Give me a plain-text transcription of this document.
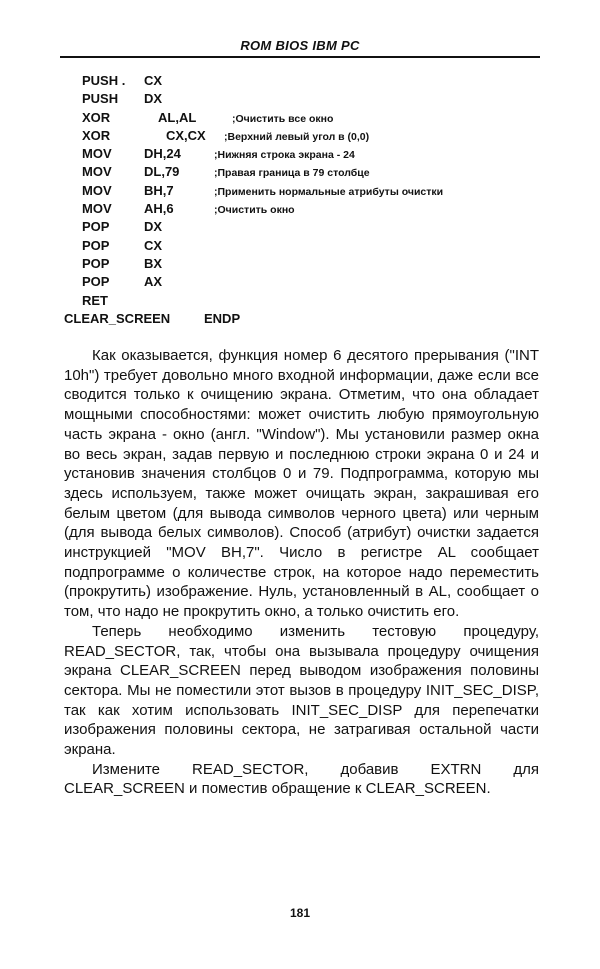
ROM BIOS IBM PC
PUSH . CX
PUSH DX
XOR	AL,AL	;Очистить все окно
XOR	CX,CX ;Верхний левый угол в (0,0)
MOV DH,24	;Нижняя строка экрана - 24
MOV DL,79	;Правая граница в 79 столбце
MOV BH,7	;Применить нормальные атрибуты очистки
MOV AH,6	;Очистить окно
POP	DX
POP	CX
POP	BX
POP	AX
RET
CLEAR_SCREEN	ENDP

Как оказывается, функция номер 6 десятого прерывания ("INT 10h") требует довольно много входной информации, даже если все сводится только к очищению экрана. Отметим, что она обладает мощными способностями: может очистить любую прямоугольную часть экрана - окно (англ. "Window"). Мы установили размер окна во весь экран, задав первую и последнюю строки экрана 0 и 24 и установив значения столбцов 0 и 79. Подпрограмма, которую мы здесь используем, также может очищать экран, закрашивая его белым цветом (для вывода символов черного цвета) или черным (для вывода белых символов). Способ (атрибут) очистки задается инструкцией "MOV BH,7". Число в регистре AL сообщает подпрограмме о количестве строк, на которое надо переместить (прокрутить) изображение. Нуль, установленный в AL, сообщает о том, что надо не прокрутить окно, а только очистить его.

Теперь необходимо изменить тестовую процедуру, READ_SECTOR, так, чтобы она вызывала процедуру очищения экрана CLEAR_SCREEN перед выводом изображения половины сектора. Мы не поместили этот вызов в процедуру INIT_SEC_DISP, так как хотим использовать INIT_SEC_DISP для перепечатки изображения половины сектора, не затрагивая остальной части экрана.

Измените READ_SECTOR, добавив EXTRN для CLEAR_SCREEN и поместив обращение к CLEAR_SCREEN.

181
